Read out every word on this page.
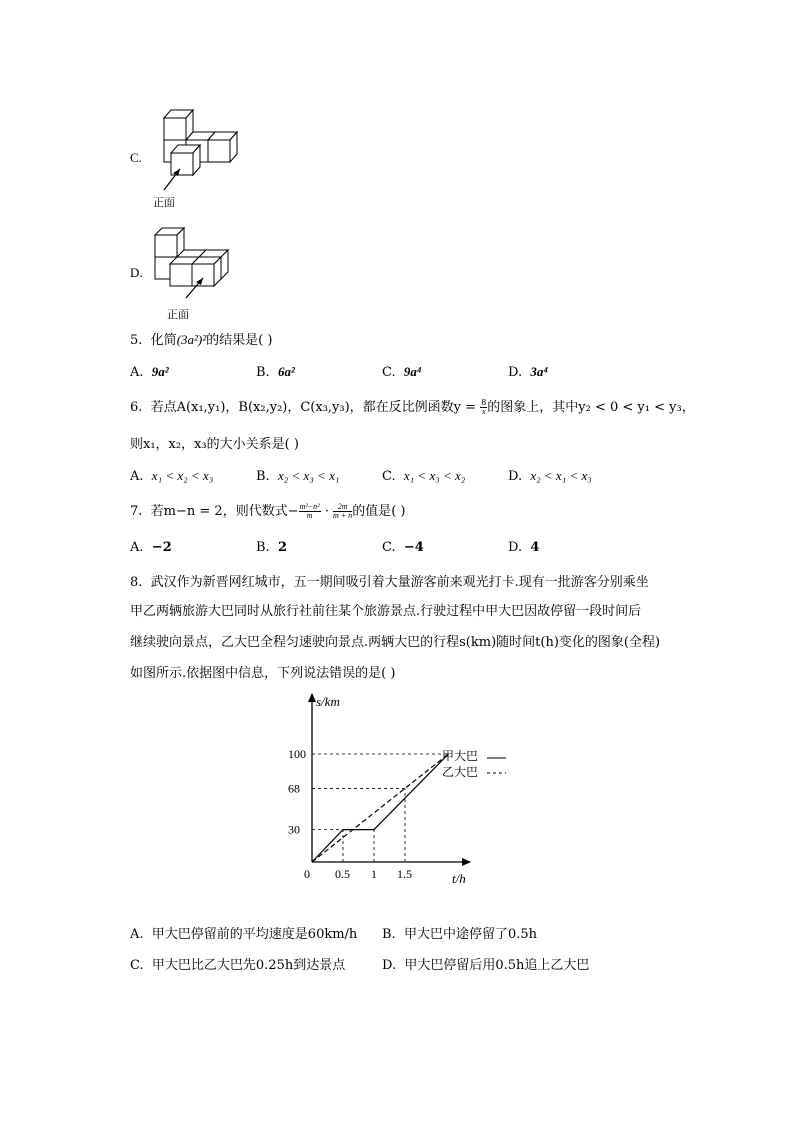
C.
正面
D.
正面
5. 化简(3a²)²的结果是( )
A. 9a²	B. 6a²	C. 9a⁴	D. 3a⁴
6. 若点A(x₁,y₁)，B(x₂,y₂)，C(x₃,y₃)，都在反比例函数$y = \frac{8}{x}$ 的图象上，其中y₂ < 0 < y₁ < y₃，
则x₁，x₂，x₃的大小关系是( )
A. x₁ < x₂ < x₃	B. x₂ < x₃ < x₁	C. x₁ < x₃ < x₂	D. x₂ < x₁ < x₃
7. 若m−n = 2，则代数式− $\frac{\text{m²−n²}}{m} \cdot \frac{2m}{m + n}$ 的值是( )
A. −2	B. 2	C. −4	D. 4
8. 武汉作为新晋网红城市，五一期间吸引着大量游客前来观光打卡.现有一批游客分别乘坐
甲乙两辆旅游大巴同时从旅行社前往某个旅游景点.行驶过程中甲大巴因故停留一段时间后
继续驶向景点，乙大巴全程匀速驶向景点.两辆大巴的行程s(km)随时间t(h)变化的图象(全程)
如图所示.依据图中信息，下列说法错误的是( )
30
68
100
0.5 1 1.5
s/km
t/h
0
甲大巴
乙大巴
A. 甲大巴停留前的平均速度是60km/h B. 甲大巴中途停留了0.5h
C. 甲大巴比乙大巴先0.25h到达景点	D. 甲大巴停留后用0.5h追上乙大巴
